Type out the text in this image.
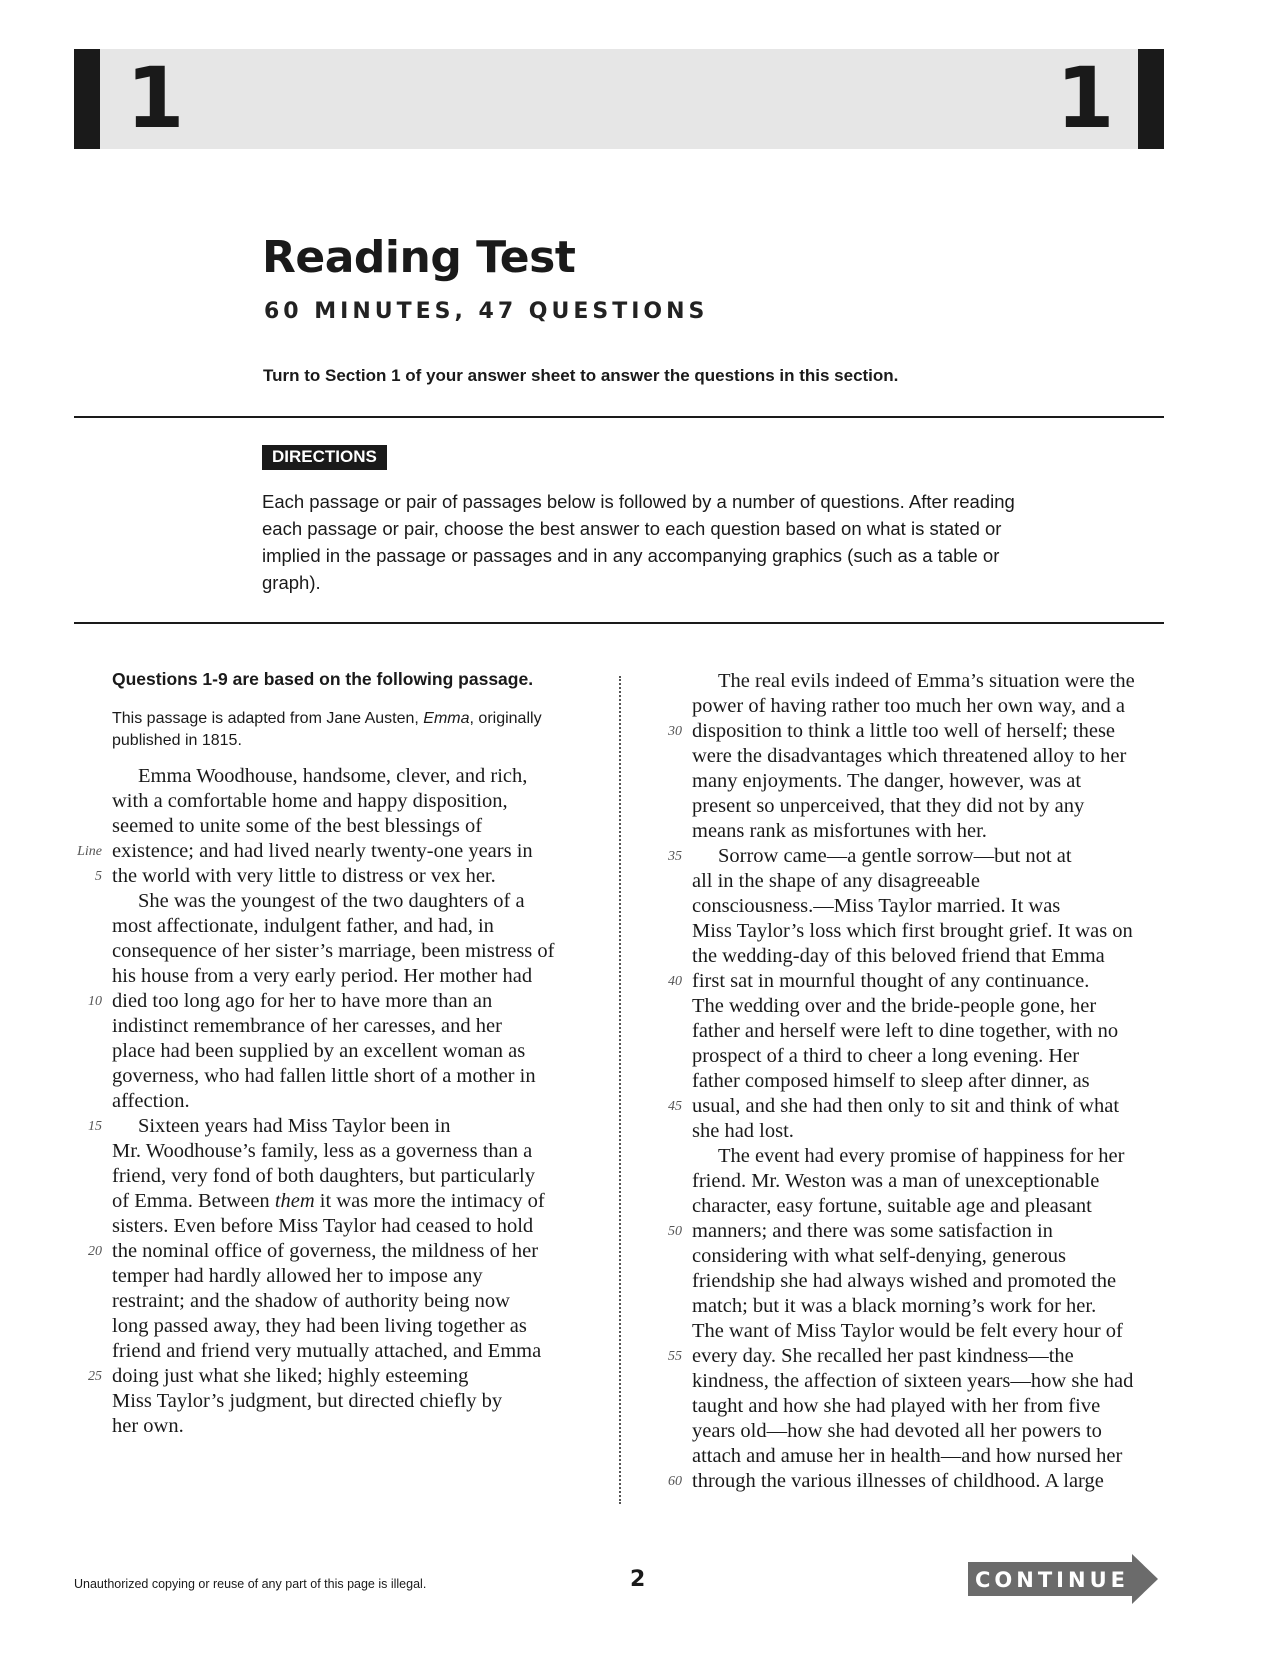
1	1
Reading Test
60 MINUTES, 47 QUESTIONS

Turn to Section 1 of your answer sheet to answer the questions in this section.

DIRECTIONS
Each passage or pair of passages below is followed by a number of questions. After reading
each passage or pair, choose the best answer to each question based on what is stated or
implied in the passage or passages and in any accompanying graphics (such as a table or
graph).

Questions 1-9 are based on the following passage.

This passage is adapted from Jane Austen, Emma, originally published in 1815.

Emma Woodhouse, handsome, clever, and rich,
with a comfortable home and happy disposition,
seemed to unite some of the best blessings of
Line existence; and had lived nearly twenty-one years in
5 the world with very little to distress or vex her.
She was the youngest of the two daughters of a
most affectionate, indulgent father, and had, in
consequence of her sister’s marriage, been mistress of
his house from a very early period. Her mother had
10 died too long ago for her to have more than an
indistinct remembrance of her caresses, and her
place had been supplied by an excellent woman as
governess, who had fallen little short of a mother in
affection.
15 Sixteen years had Miss Taylor been in
Mr. Woodhouse’s family, less as a governess than a
friend, very fond of both daughters, but particularly
of Emma. Between them it was more the intimacy of
sisters. Even before Miss Taylor had ceased to hold
20 the nominal office of governess, the mildness of her
temper had hardly allowed her to impose any
restraint; and the shadow of authority being now
long passed away, they had been living together as
friend and friend very mutually attached, and Emma
25 doing just what she liked; highly esteeming
Miss Taylor’s judgment, but directed chiefly by
her own.
The real evils indeed of Emma’s situation were the
power of having rather too much her own way, and a
30 disposition to think a little too well of herself; these
were the disadvantages which threatened alloy to her
many enjoyments. The danger, however, was at
present so unperceived, that they did not by any
means rank as misfortunes with her.
35 Sorrow came—a gentle sorrow—but not at
all in the shape of any disagreeable
consciousness.—Miss Taylor married. It was
Miss Taylor’s loss which first brought grief. It was on
the wedding-day of this beloved friend that Emma
40 first sat in mournful thought of any continuance.
The wedding over and the bride-people gone, her
father and herself were left to dine together, with no
prospect of a third to cheer a long evening. Her
father composed himself to sleep after dinner, as
45 usual, and she had then only to sit and think of what
she had lost.
The event had every promise of happiness for her
friend. Mr. Weston was a man of unexceptionable
character, easy fortune, suitable age and pleasant
50 manners; and there was some satisfaction in
considering with what self-denying, generous
friendship she had always wished and promoted the
match; but it was a black morning’s work for her.
The want of Miss Taylor would be felt every hour of
55 every day. She recalled her past kindness—the
kindness, the affection of sixteen years—how she had
taught and how she had played with her from five
years old—how she had devoted all her powers to
attach and amuse her in health—and how nursed her
60 through the various illnesses of childhood. A large

Unauthorized copying or reuse of any part of this page is illegal.	2	CONTINUE
